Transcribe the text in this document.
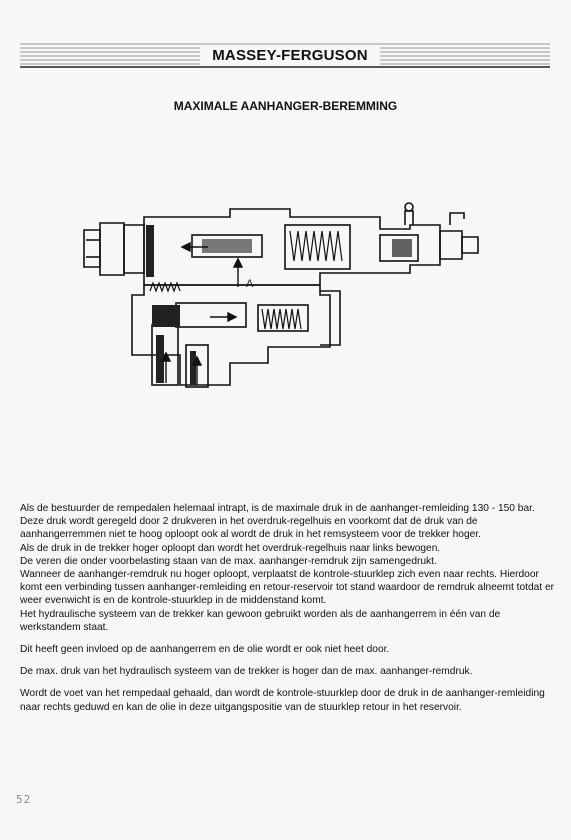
MASSEY-FERGUSON
MAXIMALE AANHANGER-BEREMMING
A

Als de bestuurder de rempedalen helemaal intrapt, is de maximale druk in de aanhanger-remleiding 130 - 150 bar. Deze druk wordt geregeld door 2 drukveren in het overdruk-regelhuis en voorkomt dat de druk van de aanhangerremmen niet te hoog oploopt ook al wordt de druk in het remsysteem voor de trekker hoger.

Als de druk in de trekker hoger oploopt dan wordt het overdruk-regelhuis naar links bewogen.

De veren die onder voorbelasting staan van de max. aanhanger-remdruk zijn samengedrukt.

Wanneer de aanhanger-remdruk nu hoger oploopt, verplaatst de kontrole-stuurklep zich even naar rechts. Hierdoor komt een verbinding tussen aanhanger-remleiding en retour-reservoir tot stand waardoor de remdruk alneemt totdat er weer evenwicht is en de kontrole-stuurklep in de middenstand komt.

Het hydraulische systeem van de trekker kan gewoon gebruikt worden als de aanhangerrem in één van de werkstandem staat.

Dit heeft geen invloed op de aanhangerrem en de olie wordt er ook niet heet door.

De max. druk van het hydraulisch systeem van de trekker is hoger dan de max. aanhanger-remdruk.

Wordt de voet van het rempedaal gehaald, dan wordt de kontrole-stuurklep door de druk in de aanhanger-remleiding naar rechts geduwd en kan de olie in deze uitgangspositie van de stuurklep retour in het reservoir.

52
